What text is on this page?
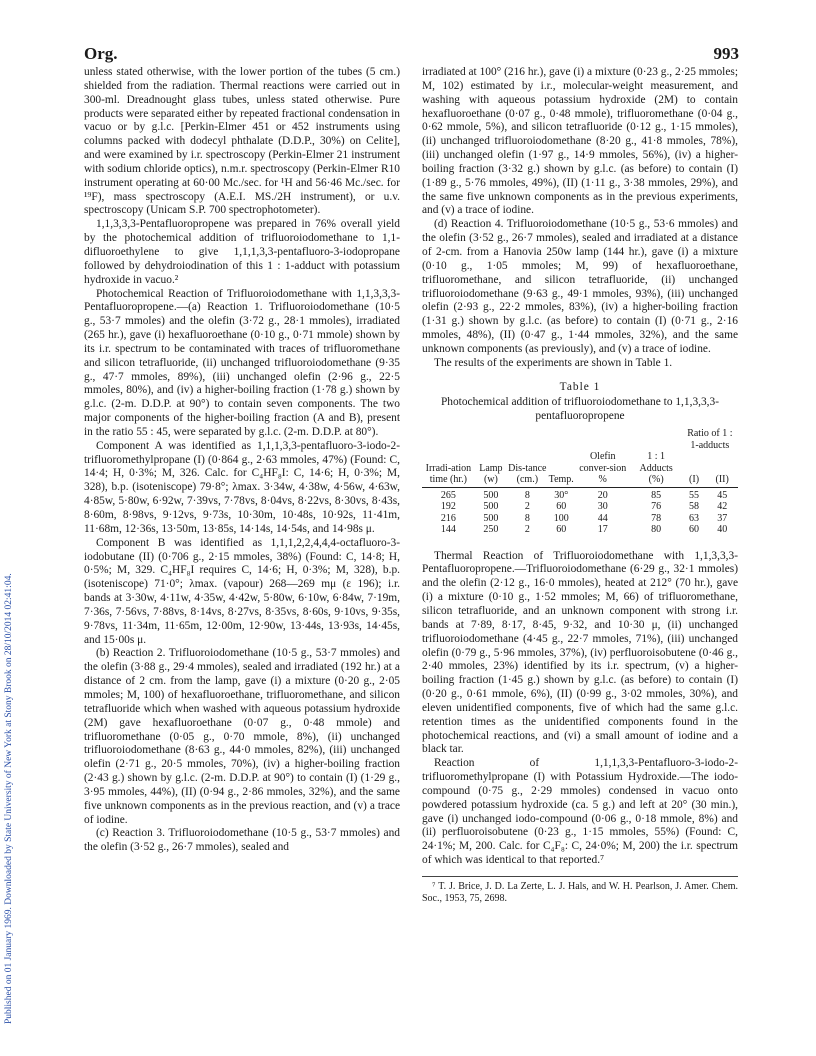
Org.	993
Published on 01 January 1969. Downloaded by State University of New York at Stony Brook on 28/10/2014 02:41:04.

unless stated otherwise, with the lower portion of the tubes (5 cm.) shielded from the radiation. Thermal reactions were carried out in 300-ml. Dreadnought glass tubes, unless stated otherwise. Pure products were separated either by repeated fractional condensation in vacuo or by g.l.c. [Perkin-Elmer 451 or 452 instruments using columns packed with dodecyl phthalate (D.D.P., 30%) on Celite], and were examined by i.r. spectroscopy (Perkin-Elmer 21 instrument with sodium chloride optics), n.m.r. spectroscopy (Perkin-Elmer R10 instrument operating at 60·00 Mc./sec. for ¹H and 56·46 Mc./sec. for ¹⁹F), mass spectroscopy (A.E.I. MS./2H instrument), or u.v. spectroscopy (Unicam S.P. 700 spectrophotometer).

1,1,3,3,3-Pentafluoropropene was prepared in 76% overall yield by the photochemical addition of trifluoroiodomethane to 1,1-difluoroethylene to give 1,1,1,3,3-pentafluoro-3-iodopropane followed by dehydroiodination of this 1 : 1-adduct with potassium hydroxide in vacuo.²

Photochemical Reaction of Trifluoroiodomethane with 1,1,3,3,3-Pentafluoropropene.—(a) Reaction 1. Trifluoroiodomethane (10·5 g., 53·7 mmoles) and the olefin (3·72 g., 28·1 mmoles), irradiated (265 hr.), gave (i) hexafluoroethane (0·10 g., 0·71 mmole) shown by its i.r. spectrum to be contaminated with traces of trifluoromethane and silicon tetrafluoride, (ii) unchanged trifluoroiodomethane (9·35 g., 47·7 mmoles, 89%), (iii) unchanged olefin (2·96 g., 22·5 mmoles, 80%), and (iv) a higher-boiling fraction (1·78 g.) shown by g.l.c. (2-m. D.D.P. at 90°) to contain seven components. The two major components of the higher-boiling fraction (A and B), present in the ratio 55 : 45, were separated by g.l.c. (2-m. D.D.P. at 80°).

Component A was identified as 1,1,1,3,3-pentafluoro-3-iodo-2-trifluoromethylpropane (I) (0·864 g., 2·63 mmoles, 47%) (Found: C, 14·4; H, 0·3%; M, 326. Calc. for C₄HF₈I: C, 14·6; H, 0·3%; M, 328), b.p. (isoteniscope) 79·8°; λmax. 3·34w, 4·38w, 4·56w, 4·63w, 4·85w, 5·80w, 6·92w, 7·39vs, 7·78vs, 8·04vs, 8·22vs, 8·30vs, 8·43s, 8·60m, 8·98vs, 9·12vs, 9·73s, 10·30m, 10·48s, 10·92s, 11·41m, 11·68m, 12·36s, 13·50m, 13·85s, 14·14s, 14·54s, and 14·98s μ.

Component B was identified as 1,1,1,2,2,4,4,4-octafluoro-3-iodobutane (II) (0·706 g., 2·15 mmoles, 38%) (Found: C, 14·8; H, 0·5%; M, 329. C₄HF₈I requires C, 14·6; H, 0·3%; M, 328), b.p. (isoteniscope) 71·0°; λmax. (vapour) 268—269 mμ (ε 196); i.r. bands at 3·30w, 4·11w, 4·35w, 4·42w, 5·80w, 6·10w, 6·84w, 7·19m, 7·36s, 7·56vs, 7·88vs, 8·14vs, 8·27vs, 8·35vs, 8·60s, 9·10vs, 9·35s, 9·78vs, 11·34m, 11·65m, 12·00m, 12·90w, 13·44s, 13·93s, 14·45s, and 15·00s μ.

(b) Reaction 2. Trifluoroiodomethane (10·5 g., 53·7 mmoles) and the olefin (3·88 g., 29·4 mmoles), sealed and irradiated (192 hr.) at a distance of 2 cm. from the lamp, gave (i) a mixture (0·20 g., 2·05 mmoles; M, 100) of hexafluoroethane, trifluoromethane, and silicon tetrafluoride which when washed with aqueous potassium hydroxide (2M) gave hexafluoroethane (0·07 g., 0·48 mmole) and trifluoromethane (0·05 g., 0·70 mmole, 8%), (ii) unchanged trifluoroiodomethane (8·63 g., 44·0 mmoles, 82%), (iii) unchanged olefin (2·71 g., 20·5 mmoles, 70%), (iv) a higher-boiling fraction (2·43 g.) shown by g.l.c. (2-m. D.D.P. at 90°) to contain (I) (1·29 g., 3·95 mmoles, 44%), (II) (0·94 g., 2·86 mmoles, 32%), and the same five unknown components as in the previous reaction, and (v) a trace of iodine.

(c) Reaction 3. Trifluoroiodomethane (10·5 g., 53·7 mmoles) and the olefin (3·52 g., 26·7 mmoles), sealed and

irradiated at 100° (216 hr.), gave (i) a mixture (0·23 g., 2·25 mmoles; M, 102) estimated by i.r., molecular-weight measurement, and washing with aqueous potassium hydroxide (2M) to contain hexafluoroethane (0·07 g., 0·48 mmole), trifluoromethane (0·04 g., 0·62 mmole, 5%), and silicon tetrafluoride (0·12 g., 1·15 mmoles), (ii) unchanged trifluoroiodomethane (8·20 g., 41·8 mmoles, 78%), (iii) unchanged olefin (1·97 g., 14·9 mmoles, 56%), (iv) a higher-boiling fraction (3·32 g.) shown by g.l.c. (as before) to contain (I) (1·89 g., 5·76 mmoles, 49%), (II) (1·11 g., 3·38 mmoles, 29%), and the same five unknown components as in the previous experiments, and (v) a trace of iodine.

(d) Reaction 4. Trifluoroiodomethane (10·5 g., 53·6 mmoles) and the olefin (3·52 g., 26·7 mmoles), sealed and irradiated at a distance of 2-cm. from a Hanovia 250w lamp (144 hr.), gave (i) a mixture (0·10 g., 1·05 mmoles; M, 99) of hexafluoroethane, trifluoromethane, and silicon tetrafluoride, (ii) unchanged trifluoroiodomethane (9·63 g., 49·1 mmoles, 93%), (iii) unchanged olefin (2·93 g., 22·2 mmoles, 83%), (iv) a higher-boiling fraction (1·31 g.) shown by g.l.c. (as before) to contain (I) (0·71 g., 2·16 mmoles, 48%), (II) (0·47 g., 1·44 mmoles, 32%), and the same unknown components (as previously), and (v) a trace of iodine.

The results of the experiments are shown in Table 1.

Table 1
Photochemical addition of trifluoroiodomethane to 1,1,3,3,3-pentafluoropropene
						Ratio of 1 : 1-adducts	
Irradi-ation time (hr.)	Lamp (w)	Dis-tance (cm.)	Temp.	Olefin conver-sion %	1 : 1 Adducts (%)	(I)	(II)
265	500	8	30°	20	85	55	45
192	500	2	60	30	76	58	42
216	500	8	100	44	78	63	37
144	250	2	60	17	80	60	40

Thermal Reaction of Trifluoroiodomethane with 1,1,3,3,3-Pentafluoropropene.—Trifluoroiodomethane (6·29 g., 32·1 mmoles) and the olefin (2·12 g., 16·0 mmoles), heated at 212° (70 hr.), gave (i) a mixture (0·10 g., 1·52 mmoles; M, 66) of trifluoromethane, silicon tetrafluoride, and an unknown component with strong i.r. bands at 7·89, 8·17, 8·45, 9·32, and 10·30 μ, (ii) unchanged trifluoroiodomethane (4·45 g., 22·7 mmoles, 71%), (iii) unchanged olefin (0·79 g., 5·96 mmoles, 37%), (iv) perfluoroisobutene (0·46 g., 2·40 mmoles, 23%) identified by its i.r. spectrum, (v) a higher-boiling fraction (1·45 g.) shown by g.l.c. (as before) to contain (I) (0·20 g., 0·61 mmole, 6%), (II) (0·99 g., 3·02 mmoles, 30%), and eleven unidentified components, five of which had the same g.l.c. retention times as the unidentified components found in the photochemical reactions, and (vi) a small amount of iodine and a black tar.

Reaction of 1,1,1,3,3-Pentafluoro-3-iodo-2-trifluoromethylpropane (I) with Potassium Hydroxide.—The iodo-compound (0·75 g., 2·29 mmoles) condensed in vacuo onto powdered potassium hydroxide (ca. 5 g.) and left at 20° (30 min.), gave (i) unchanged iodo-compound (0·06 g., 0·18 mmole, 8%) and (ii) perfluoroisobutene (0·23 g., 1·15 mmoles, 55%) (Found: C, 24·1%; M, 200. Calc. for C₄F₈: C, 24·0%; M, 200) the i.r. spectrum of which was identical to that reported.⁷

⁷ T. J. Brice, J. D. La Zerte, L. J. Hals, and W. H. Pearlson, J. Amer. Chem. Soc., 1953, 75, 2698.
